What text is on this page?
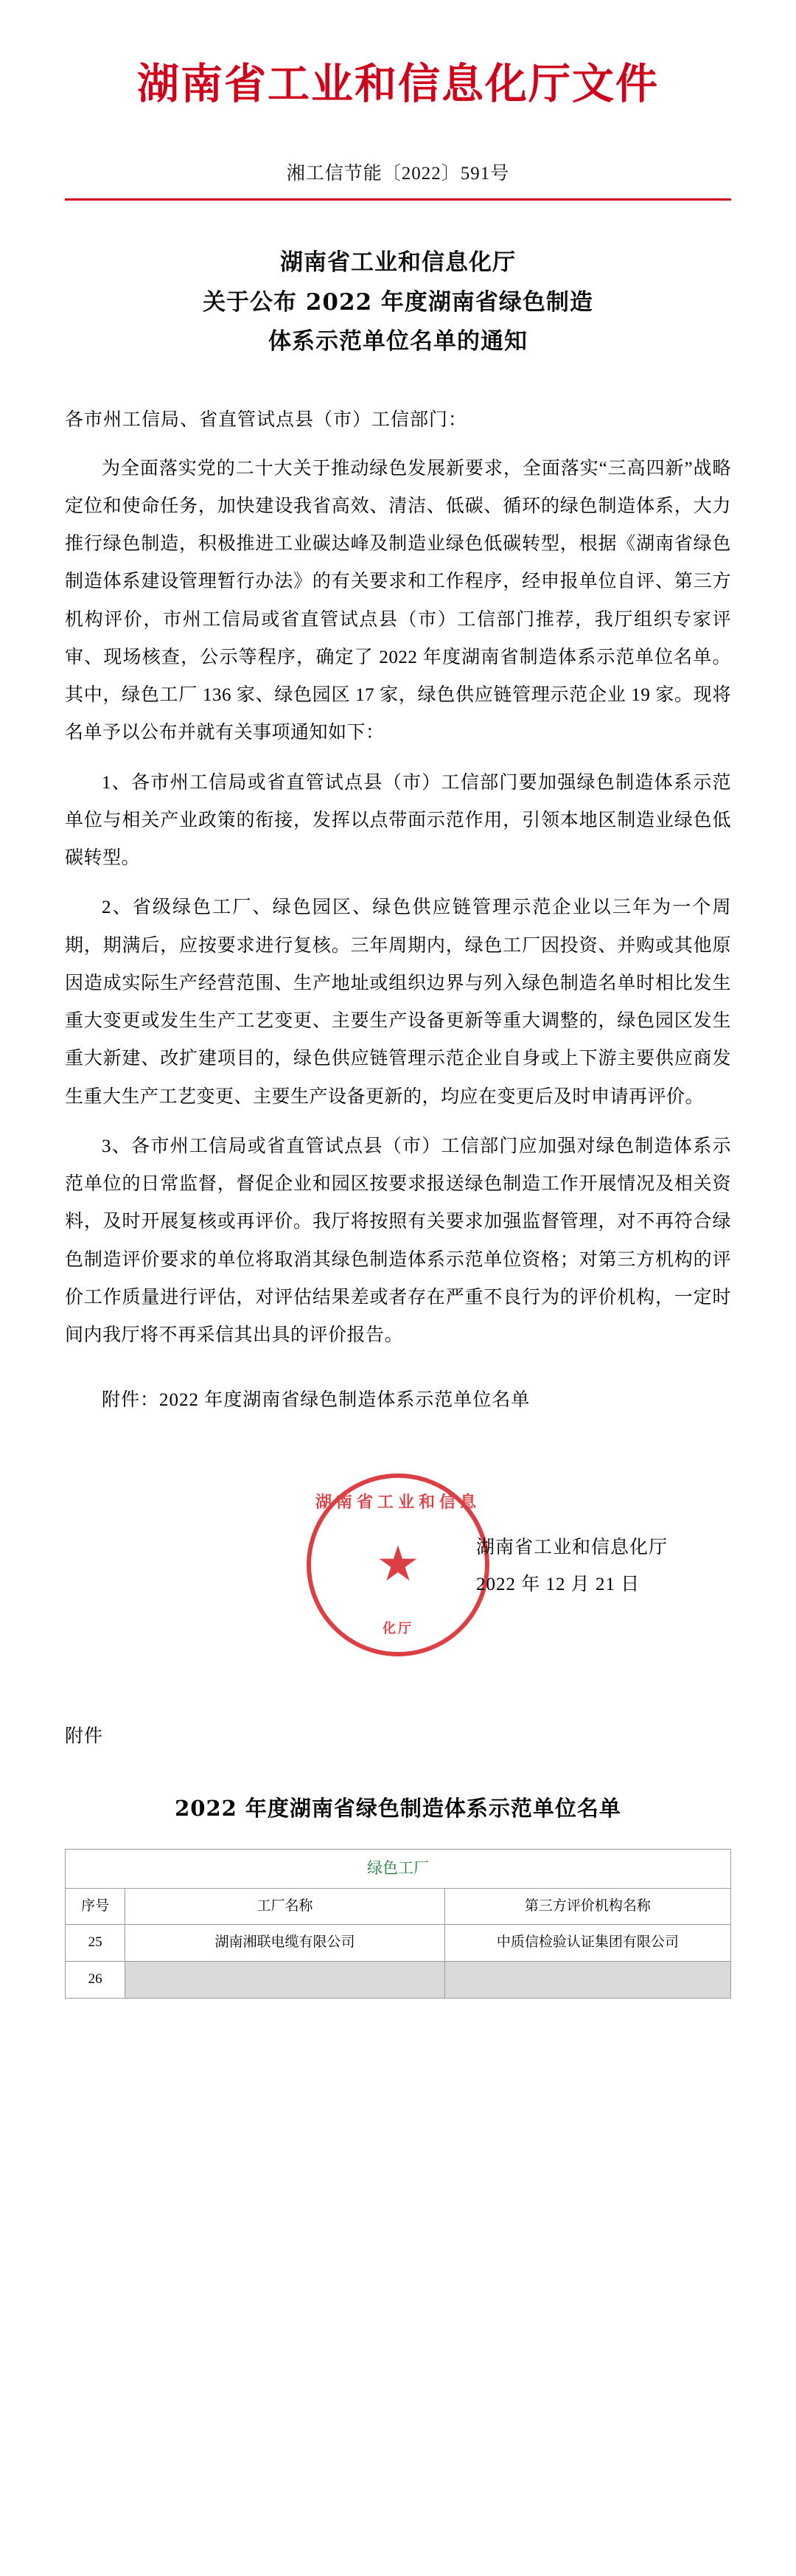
湖南省工业和信息化厅文件
湘工信节能〔2022〕591号
湖南省工业和信息化厅
关于公布 2022 年度湖南省绿色制造
体系示范单位名单的通知
各市州工信局、省直管试点县（市）工信部门：

为全面落实党的二十大关于推动绿色发展新要求，全面落实“三高四新”战略定位和使命任务，加快建设我省高效、清洁、低碳、循环的绿色制造体系，大力推行绿色制造，积极推进工业碳达峰及制造业绿色低碳转型，根据《湖南省绿色制造体系建设管理暂行办法》的有关要求和工作程序，经申报单位自评、第三方机构评价，市州工信局或省直管试点县（市）工信部门推荐，我厅组织专家评审、现场核查，公示等程序，确定了 2022 年度湖南省制造体系示范单位名单。其中，绿色工厂 136 家、绿色园区 17 家，绿色供应链管理示范企业 19 家。现将名单予以公布并就有关事项通知如下：

1、各市州工信局或省直管试点县（市）工信部门要加强绿色制造体系示范单位与相关产业政策的衔接，发挥以点带面示范作用，引领本地区制造业绿色低碳转型。

2、省级绿色工厂、绿色园区、绿色供应链管理示范企业以三年为一个周期，期满后，应按要求进行复核。三年周期内，绿色工厂因投资、并购或其他原因造成实际生产经营范围、生产地址或组织边界与列入绿色制造名单时相比发生重大变更或发生生产工艺变更、主要生产设备更新等重大调整的，绿色园区发生重大新建、改扩建项目的，绿色供应链管理示范企业自身或上下游主要供应商发生重大生产工艺变更、主要生产设备更新的，均应在变更后及时申请再评价。

3、各市州工信局或省直管试点县（市）工信部门应加强对绿色制造体系示范单位的日常监督，督促企业和园区按要求报送绿色制造工作开展情况及相关资料，及时开展复核或再评价。我厅将按照有关要求加强监督管理，对不再符合绿色制造评价要求的单位将取消其绿色制造体系示范单位资格；对第三方机构的评价工作质量进行评估，对评估结果差或者存在严重不良行为的评价机构，一定时间内我厅将不再采信其出具的评价报告。

附件：2022 年度湖南省绿色制造体系示范单位名单
湖南省工业和信息
★
化厅
湖南省工业和信息化厅
2022 年 12 月 21 日
附件
2022 年度湖南省绿色制造体系示范单位名单
绿色工厂		
序号	工厂名称	第三方评价机构名称
25	湖南湘联电缆有限公司	中质信检验认证集团有限公司
26		
